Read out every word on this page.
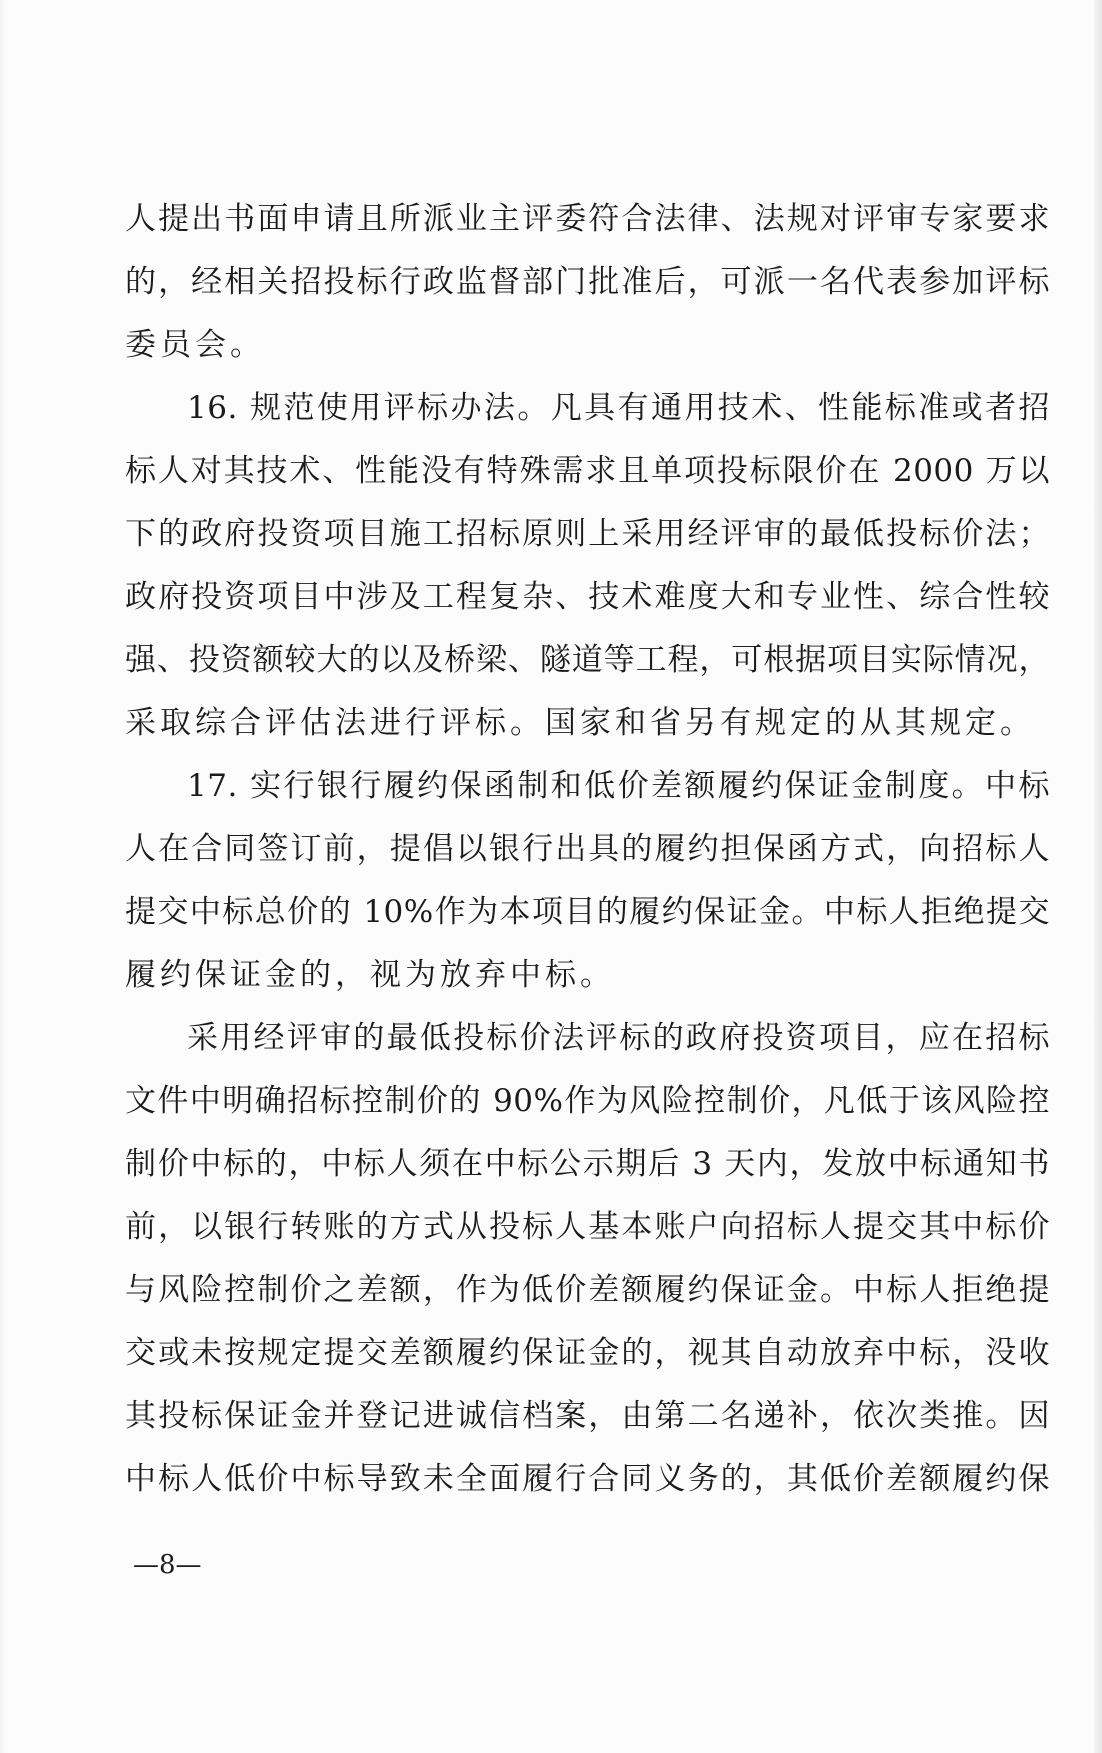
人提出书面申请且所派业主评委符合法律、法规对评审专家要求
的，经相关招投标行政监督部门批准后，可派一名代表参加评标
委员会。
16. 规范使用评标办法。凡具有通用技术、性能标准或者招
标人对其技术、性能没有特殊需求且单项投标限价在 2000 万以
下的政府投资项目施工招标原则上采用经评审的最低投标价法；
政府投资项目中涉及工程复杂、技术难度大和专业性、综合性较
强、投资额较大的以及桥梁、隧道等工程，可根据项目实际情况，
采取综合评估法进行评标。国家和省另有规定的从其规定。
17. 实行银行履约保函制和低价差额履约保证金制度。中标
人在合同签订前，提倡以银行出具的履约担保函方式，向招标人
提交中标总价的 10%作为本项目的履约保证金。中标人拒绝提交
履约保证金的，视为放弃中标。
采用经评审的最低投标价法评标的政府投资项目，应在招标
文件中明确招标控制价的 90%作为风险控制价，凡低于该风险控
制价中标的，中标人须在中标公示期后 3 天内，发放中标通知书
前，以银行转账的方式从投标人基本账户向招标人提交其中标价
与风险控制价之差额，作为低价差额履约保证金。中标人拒绝提
交或未按规定提交差额履约保证金的，视其自动放弃中标，没收
其投标保证金并登记进诚信档案，由第二名递补，依次类推。因
中标人低价中标导致未全面履行合同义务的，其低价差额履约保
—8—
